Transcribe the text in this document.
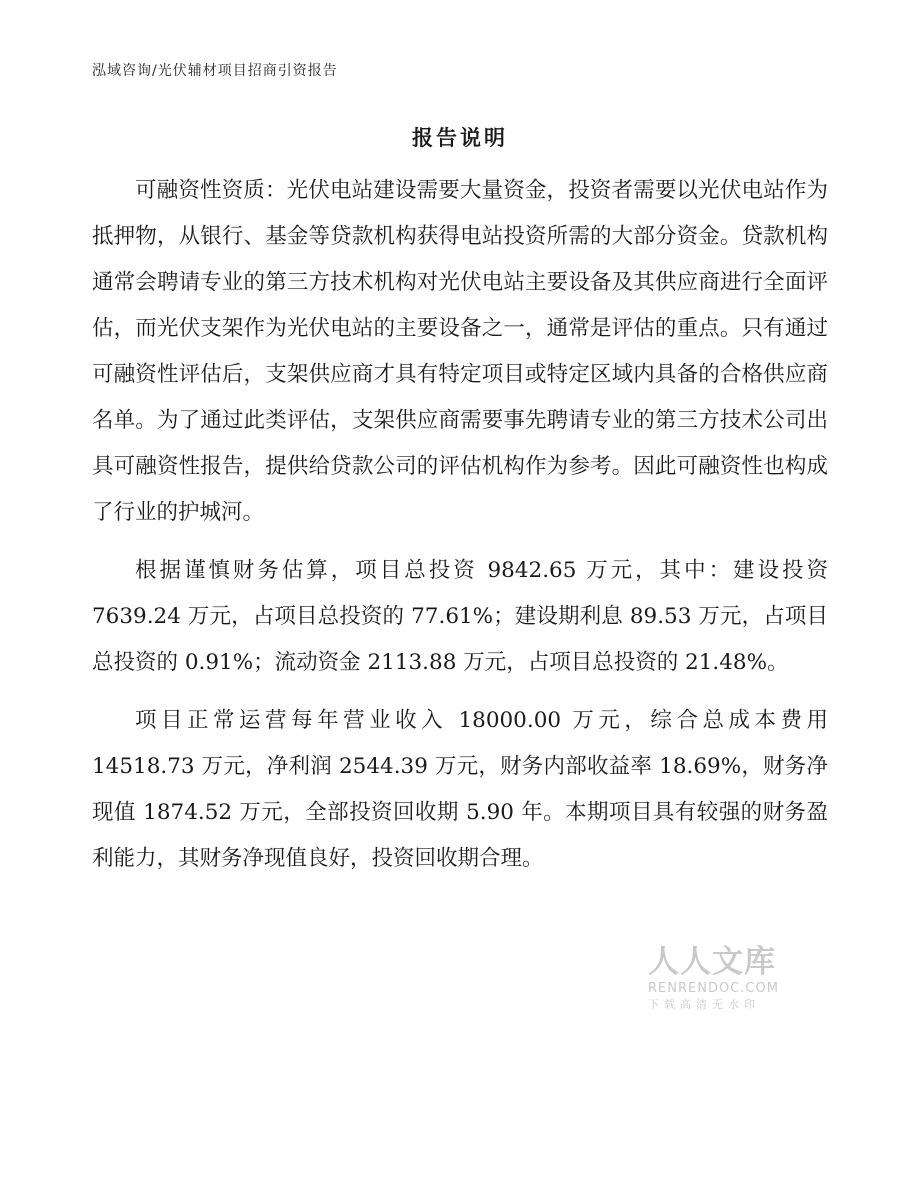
泓域咨询/光伏辅材项目招商引资报告
报告说明

可融资性资质：光伏电站建设需要大量资金，投资者需要以光伏电站作为抵押物，从银行、基金等贷款机构获得电站投资所需的大部分资金。贷款机构通常会聘请专业的第三方技术机构对光伏电站主要设备及其供应商进行全面评估，而光伏支架作为光伏电站的主要设备之一，通常是评估的重点。只有通过可融资性评估后，支架供应商才具有特定项目或特定区域内具备的合格供应商名单。为了通过此类评估，支架供应商需要事先聘请专业的第三方技术公司出具可融资性报告，提供给贷款公司的评估机构作为参考。因此可融资性也构成了行业的护城河。

根据谨慎财务估算，项目总投资 9842.65 万元，其中：建设投资 7639.24 万元，占项目总投资的 77.61%；建设期利息 89.53 万元，占项目总投资的 0.91%；流动资金 2113.88 万元，占项目总投资的 21.48%。

项目正常运营每年营业收入 18000.00 万元，综合总成本费用 14518.73 万元，净利润 2544.39 万元，财务内部收益率 18.69%，财务净现值 1874.52 万元，全部投资回收期 5.90 年。本期项目具有较强的财务盈利能力，其财务净现值良好，投资回收期合理。

人人文库
RENRENDOC.COM
下载高清无水印
